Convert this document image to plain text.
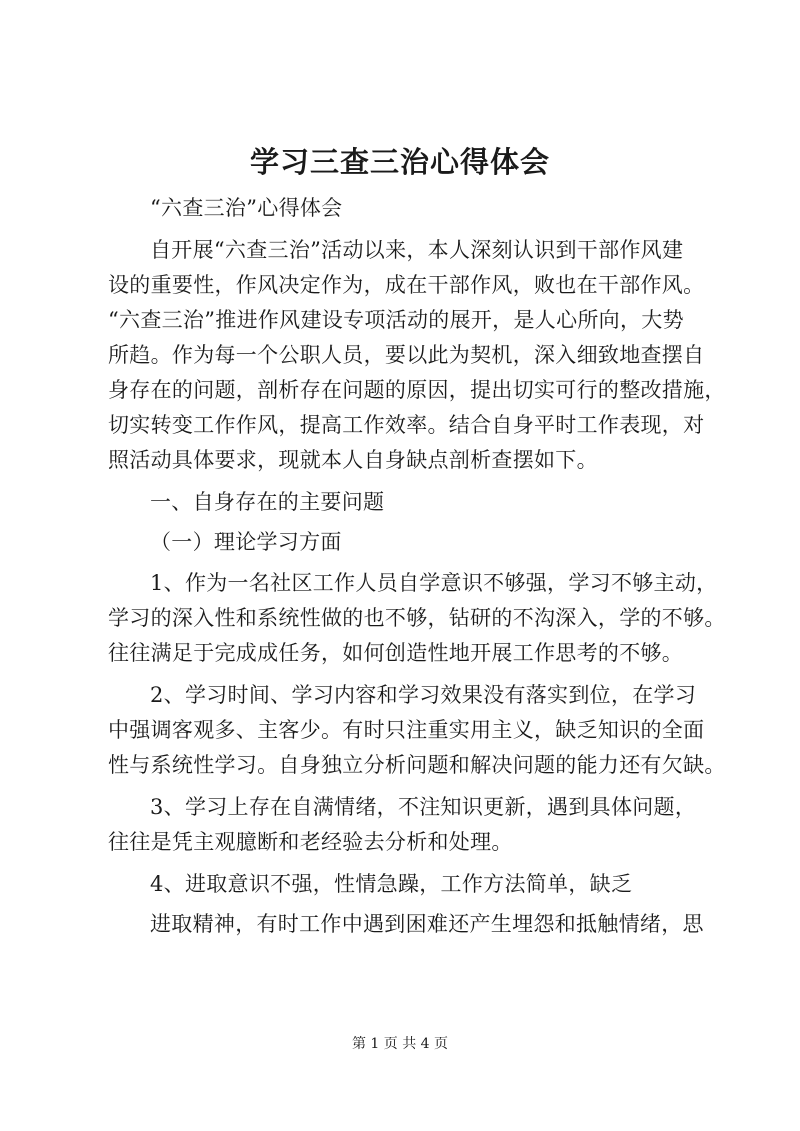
学习三查三治心得体会
“六查三治”心得体会
自开展“六查三治”活动以来，本人深刻认识到干部作风建
设的重要性，作风决定作为，成在干部作风，败也在干部作风。
“六查三治”推进作风建设专项活动的展开，是人心所向，大势
所趋。作为每一个公职人员，要以此为契机，深入细致地查摆自
身存在的问题，剖析存在问题的原因，提出切实可行的整改措施，
切实转变工作作风，提高工作效率。结合自身平时工作表现，对
照活动具体要求，现就本人自身缺点剖析查摆如下。
一、自身存在的主要问题
（一）理论学习方面
1、作为一名社区工作人员自学意识不够强，学习不够主动，
学习的深入性和系统性做的也不够，钻研的不沟深入，学的不够。
往往满足于完成成任务，如何创造性地开展工作思考的不够。
2、学习时间、学习内容和学习效果没有落实到位，在学习
中强调客观多、主客少。有时只注重实用主义，缺乏知识的全面
性与系统性学习。自身独立分析问题和解决问题的能力还有欠缺。
3、学习上存在自满情绪，不注知识更新，遇到具体问题，
往往是凭主观臆断和老经验去分析和处理。
4、进取意识不强，性情急躁，工作方法简单，缺乏
进取精神，有时工作中遇到困难还产生埋怨和抵触情绪，思
第 1 页 共 4 页
